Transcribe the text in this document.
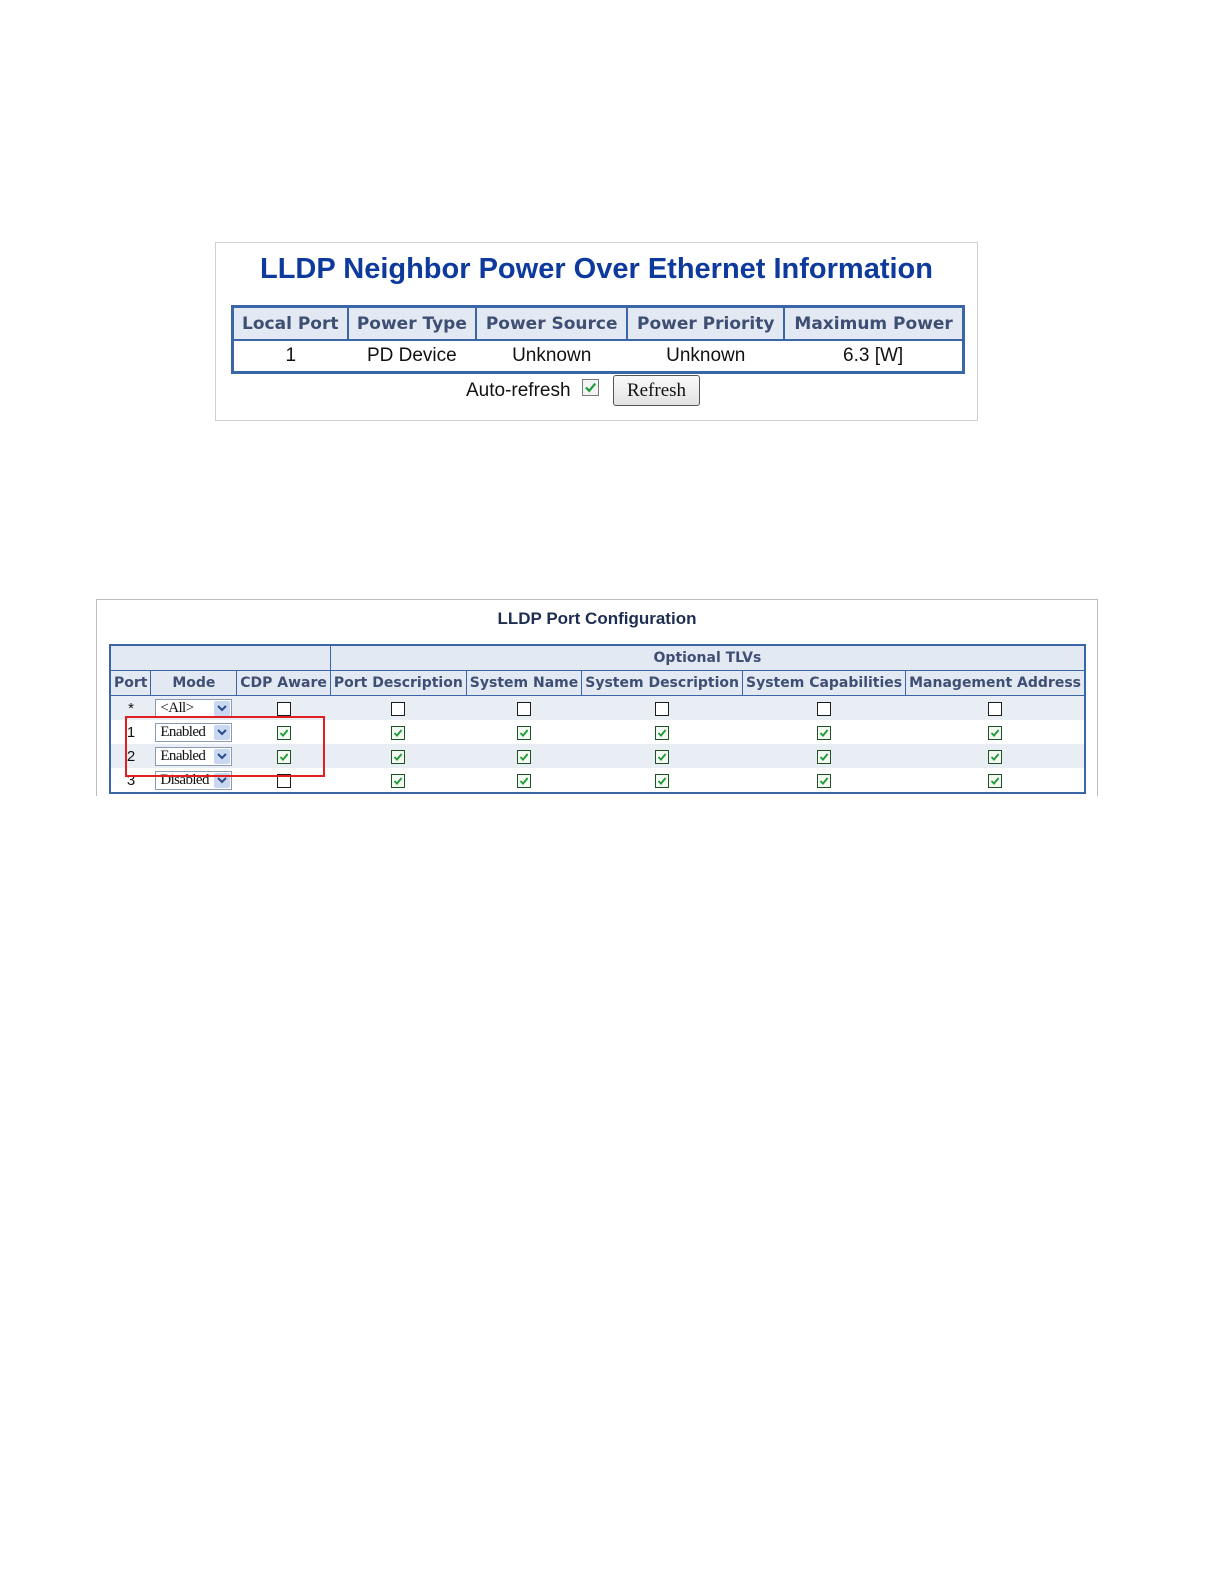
LLDP Neighbor Power Over Ethernet Information
Local Port	Power Type	Power Source	Power Priority	Maximum Power
1	PD Device	Unknown	Unknown	6.3 [W]
Auto-refresh	Refresh
LLDP Port Configuration
			Optional TLVs				
Port	Mode	CDP Aware	Port Description	System Name	System Description	System Capabilities	Management Address
*	<All>						

1	Enabled

2	Enabled

3	Disabled
